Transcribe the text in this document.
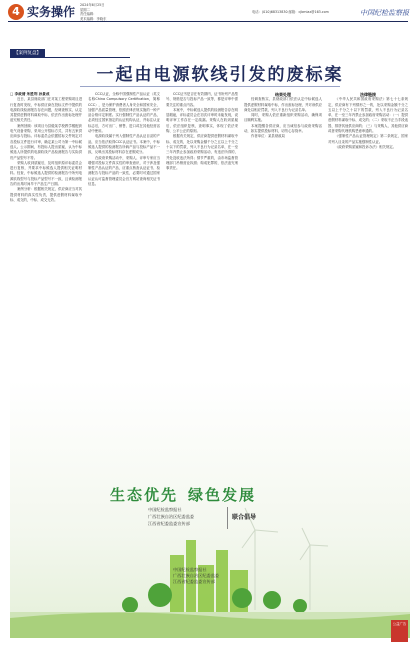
4 实务操作 2024年6月25日
星期二
责任编辑：
美术编辑：李晓东
电话：(010)68313830 邮箱：cjbmiaz@163.com	中国纪检监察报
【案例复盘】
一起由电源软线引发的废标案

□ 李政清 朱胜利 孙景成

近日，某县财政部门在对某工程采购项目进行复查时发现，中标供应商在投标文件中提供的电源软线检测报告存在问题，经调查核实，认定其提供虚假材料谋取中标，依法作出废标处理并追究相关责任。

案例回顾：该项目为县级某学校教学楼配套电气设备采购，采用公开招标方式，共有五家供应商参与投标。评标委员会依据招标文件规定对各投标文件进行评审，确定某公司为第一中标候选人。公示期间，有投标人提出质疑，认为中标候选人所提供的电源软线产品检测报告与实际供货产品型号不符。

采购人收到质疑后，及时组织原评标委员会进行复核，并要求中标候选人提供相关证明材料。经查，中标候选人提供的检测报告中所列电源软线型号与投标产品型号不一致，且该检测报告的出具时间早于产品生产日期。

案例分析：根据相关规定，供应商应当对其提供材料的真实性负责，提供虚假材料谋取中标、成交的，中标、成交无效。

CCC认证，全称中国强制性产品认证（英文名称China Compulsory Certification，简称CCC），是为保护消费者人身安全和国家安全，加强产品质量管理，依照法律法规实施的一种产品合格评定制度。实行强制性产品认证的产品，必须经过国家指定的认证机构认证，并标注认证标志后，方可出厂、销售、进口或在其他经营活动中使用。

电源软线属于列入强制性产品认证目录的产品，应当依法取得CCC认证证书。本案中，中标候选人提供的检测报告所载产品与投标产品不一致，反映出其投标材料存在虚假成分。

在政府采购活动中，采购人、评审专家应当增强对投标文件真实性的审查意识，对于涉及强制性产品认证的产品，应重点核查认证证书、检测报告与投标产品的一致性，必要时可通过国家认证认可监督管理委员会官方网站查询相关证书信息。

CCC证书是否在有效期内，证书所列产品型号、规格是否与投标产品一致等，都是评审中需要关注的重点内容。

本案中，中标候选人提供的检测报告存在明显瑕疵，评标委员会在初次评审时未能发现，说明评审工作存在一定疏漏。采购人在收到质疑后，依法组织复核，查明事实，体现了依法采购、公平公正的原则。

根据有关规定，供应商提供虚假材料谋取中标、成交的，处以采购金额千分之五以上千分之十以下的罚款，列入不良行为记录名单，在一至三年内禁止参加政府采购活动，有违法所得的，并处没收违法所得；情节严重的，由市场监督管理部门吊销营业执照；构成犯罪的，依法追究刑事责任。

结果处理

经调查核实，县财政部门依法认定中标候选人提供虚假材料谋取中标，作出废标处理，并对该供应商处以相应罚款，列入不良行为记录名单。

同时，采购人依法重新组织采购活动，确保项目顺利实施。

本案提醒各供应商，应当诚信参与政府采购活动，如实提供投标材料，切勿心存侥幸。

作者单位：某县财政局

法律链接

《中华人民共和国政府采购法》第七十七条规定，供应商有下列情形之一的，处以采购金额千分之五以上千分之十以下的罚款，列入不良行为记录名单，在一至三年内禁止参加政府采购活动：（一）提供虚假材料谋取中标、成交的；（二）采取不正当手段诋毁、排挤其他供应商的；（三）与采购人、其他供应商或者采购代理机构恶意串通的。

《强制性产品认证管理规定》第二条规定，国家对列入目录的产品实施强制性认证。

《政府采购质疑和投诉办法》相关规定。

生态优先 绿色发展
中国纪检监察报社
广西壮族自治区纪委监委
江西省纪委监委宣传部
联合倡导
中国纪检监察报社
广西壮族自治区纪委监委
江西省纪委监委宣传部
公益广告
